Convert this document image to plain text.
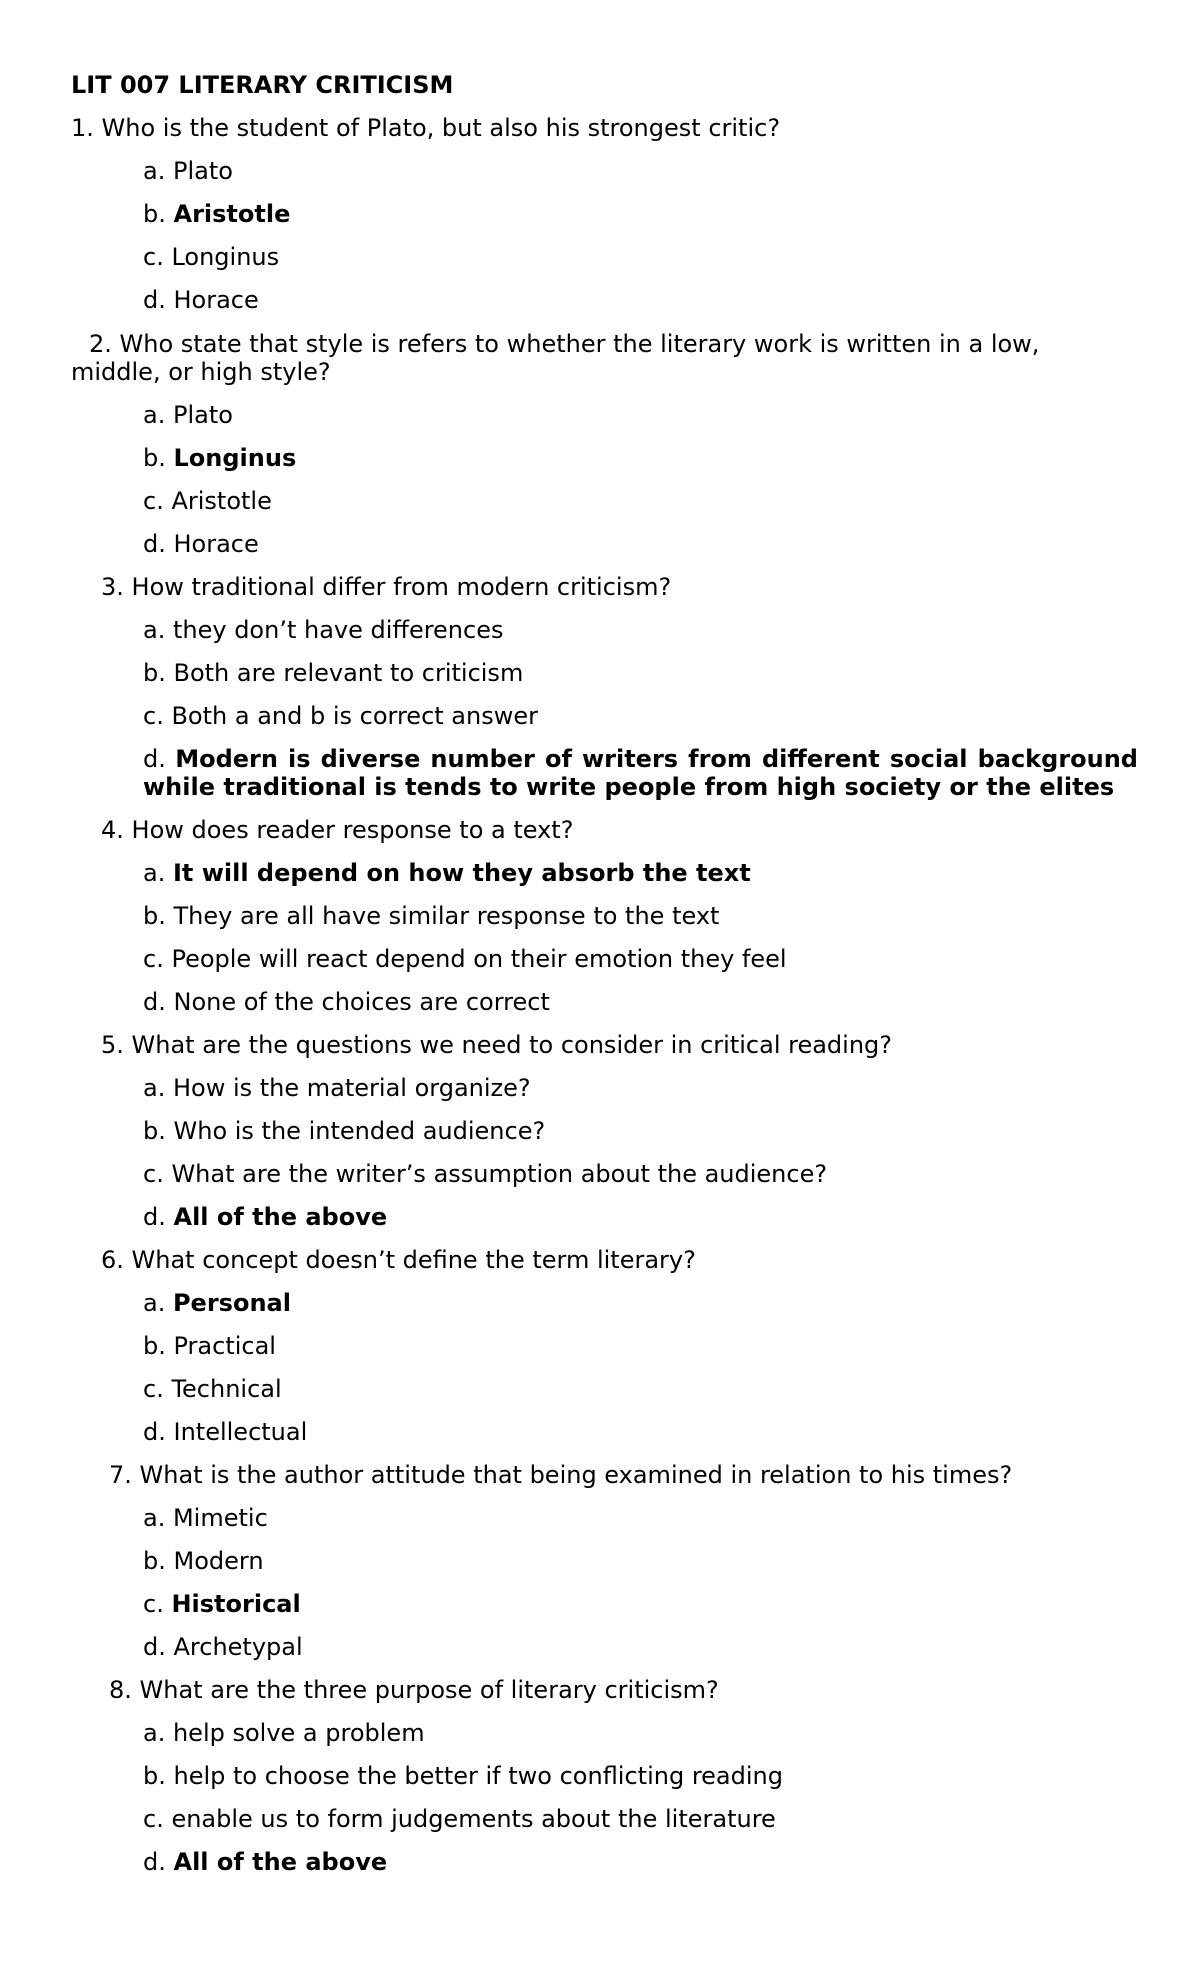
LIT 007 LITERARY CRITICISM
1. Who is the student of Plato, but also his strongest critic?
a. Plato
b. Aristotle
c. Longinus
d. Horace
2. Who state that style is refers to whether the literary work is written in a low, middle, or high style?
a. Plato
b. Longinus
c. Aristotle
d. Horace
3. How traditional differ from modern criticism?
a. they don’t have differences
b. Both are relevant to criticism
c. Both a and b is correct answer
d. Modern is diverse number of writers from different social background while traditional is tends to write people from high society or the elites
4. How does reader response to a text?
a. It will depend on how they absorb the text
b. They are all have similar response to the text
c. People will react depend on their emotion they feel
d. None of the choices are correct
5. What are the questions we need to consider in critical reading?
a. How is the material organize?
b. Who is the intended audience?
c. What are the writer’s assumption about the audience?
d. All of the above
6. What concept doesn’t define the term literary?
a. Personal
b. Practical
c. Technical
d. Intellectual
7. What is the author attitude that being examined in relation to his times?
a. Mimetic
b. Modern
c. Historical
d. Archetypal
8. What are the three purpose of literary criticism?
a. help solve a problem
b. help to choose the better if two conflicting reading
c. enable us to form judgements about the literature
d. All of the above
